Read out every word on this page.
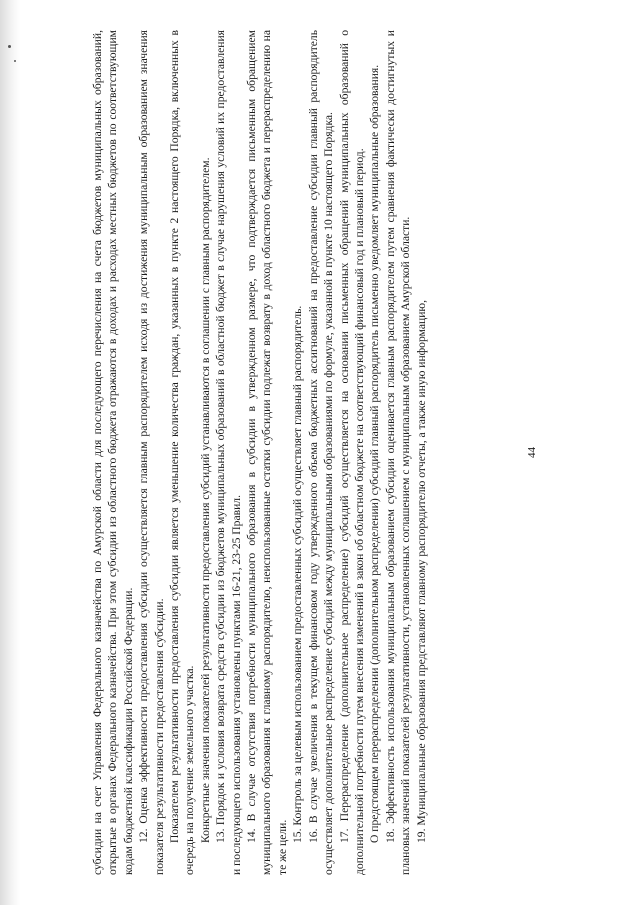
44

субсидии на счет Управления Федерального казначейства по Амурской области для последующего перечисления на счета бюджетов муниципальных образований, открытые в органах Федерального казначейства. При этом субсидии из областного бюджета отражаются в доходах и расходах местных бюджетов по соответствующим кодам бюджетной классификации Российской Федерации. 12. Оценка эффективности предоставления субсидии осуществляется главным распорядителем исходя из достижения муниципальным образованием значения показателя результативности предоставления субсидии. Показателем результативности предоставления субсидии является уменьшение количества граждан, указанных в пункте 2 настоящего Порядка, включенных в очередь на получение земельного участка. Конкретные значения показателей результативности предоставления субсидий устанавливаются в соглашении с главным распорядителем. 13. Порядок и условия возврата средств субсидии из бюджетов муниципальных образований в областной бюджет в случае нарушения условий их предоставления и последующего использования установлены пунктами 16-21, 23-25 Правил. 14. В случае отсутствия потребности муниципального образования в субсидии в утвержденном размере, что подтверждается письменным обращением муниципального образования к главному распорядителю, неиспользованные остатки субсидии подлежат возврату в доход областного бюджета и перераспределению на те же цели.

15. Контроль за целевым использованием предоставленных субсидий осуществляет главный распорядитель. 16. В случае увеличения в текущем финансовом году утвержденного объема бюджетных ассигнований на предоставление субсидии главный распорядитель осуществляет дополнительное распределение субсидий между муниципальными образованиями по формуле, указанной в пункте 10 настоящего Порядка. 17. Перераспределение (дополнительное распределение) субсидий осуществляется на основании письменных обращений муниципальных образований о дополнительной потребности путем внесения изменений в закон об областном бюджете на соответствующий финансовый год и плановый период. О предстоящем перераспределении (дополнительном распределении) субсидий главный распорядитель письменно уведомляет муниципальные образования. 18. Эффективность использования муниципальным образованием субсидии оценивается главным распорядителем путем сравнения фактически достигнутых и плановых значений показателей результативности, установленных соглашением с муниципальным образованием Амурской области. 19. Муниципальные образования представляют главному распорядителю отчеты, а также иную информацию,
